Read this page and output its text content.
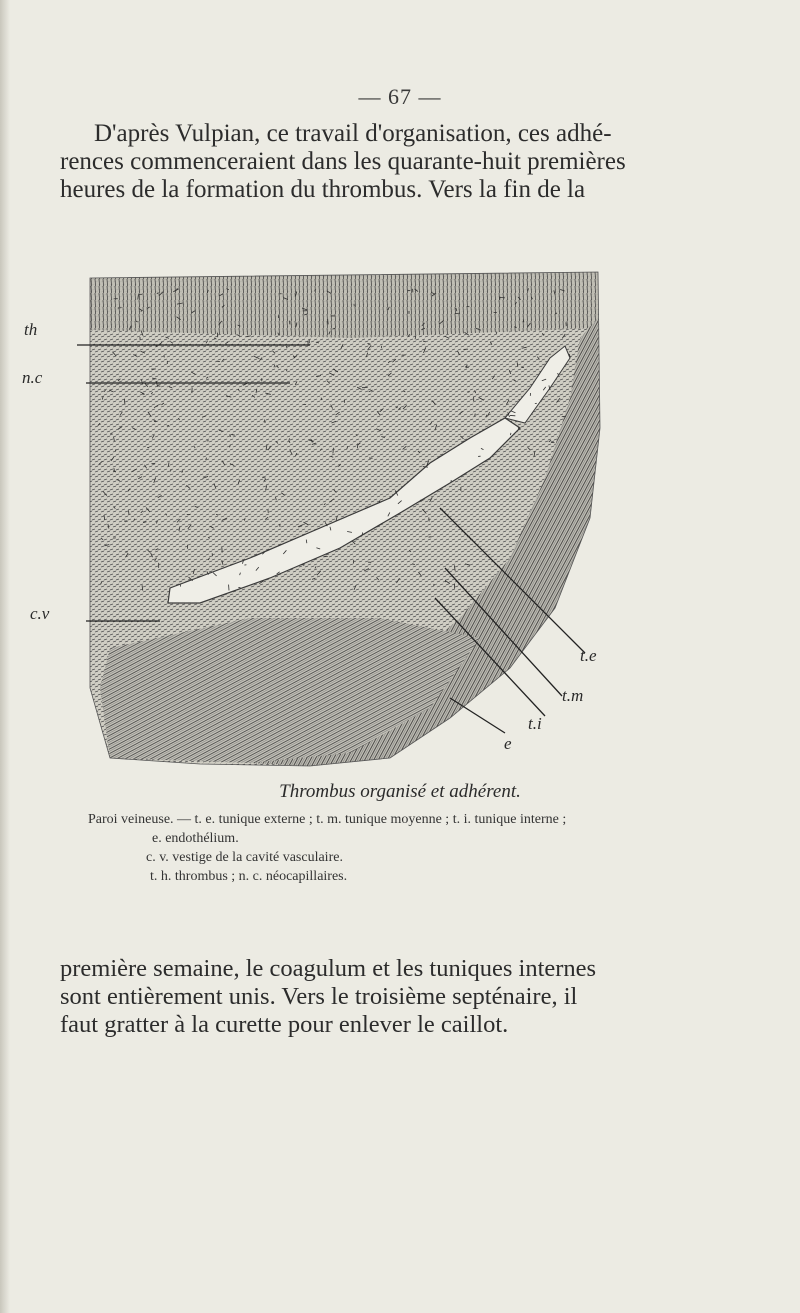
— 67 —
D'après Vulpian, ce travail d'organisation, ces adhé-
rences commenceraient dans les quarante-huit premières
heures de la formation du thrombus. Vers la fin de la
th
n.c
c.v
t.e
t.m
t.i
e
Thrombus organisé et adhérent.
Paroi veineuse. — t. e. tunique externe ; t. m. tunique moyenne ; t. i. tunique interne ;
e. endothélium.
c. v. vestige de la cavité vasculaire.
t. h. thrombus ; n. c. néocapillaires.
première semaine, le coagulum et les tuniques internes
sont entièrement unis. Vers le troisième septénaire, il
faut gratter à la curette pour enlever le caillot.
